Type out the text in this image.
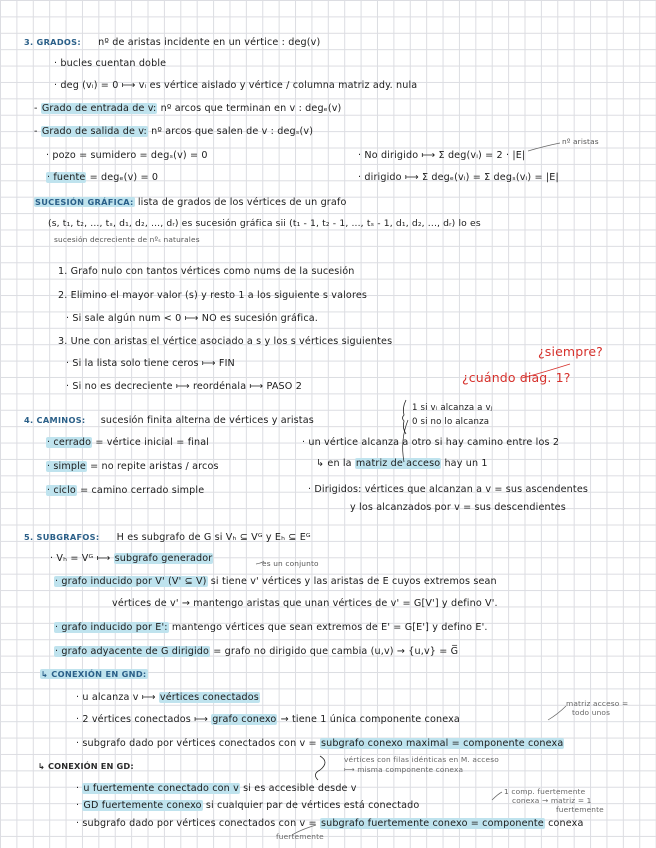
3. GRADOS: nº de aristas incidente en un vértice : deg(v)
· bucles cuentan doble
· deg (vᵢ) = 0 ⟼ vᵢ es vértice aislado y vértice / columna matriz ady. nula
- Grado de entrada de v: nº arcos que terminan en v : degₑ(v)
- Grado de salida de v: nº arcos que salen de v : degₛ(v)
nº aristas
· pozo = sumidero = degₛ(v) = 0	· No dirigido ⟼ Σ deg(vᵢ) = 2 · |E|
· fuente = degₑ(v) = 0	· dirigido ⟼ Σ degₑ(vᵢ) = Σ degₛ(vᵢ) = |E|
SUCESIÓN GRÁFICA: lista de grados de los vértices de un grafo
(s, t₁, t₂, ..., tₛ, d₁, d₂, ..., dᵣ) es sucesión gráfica sii (t₁ - 1, t₂ - 1, ..., tₛ - 1, d₁, d₂, ..., dᵣ) lo es
sucesión decreciente de nºₛ naturales
1. Grafo nulo con tantos vértices como nums de la sucesión
2. Elimino el mayor valor (s) y resto 1 a los siguiente s valores
· Si sale algún num < 0 ⟼ NO es sucesión gráfica.
3. Une con aristas el vértice asociado a s y los s vértices siguientes
· Si la lista solo tiene ceros ⟼ FIN
· Si no es decreciente ⟼ reordénala ⟼ PASO 2
¿siempre?
¿cuándo diag. 1?
1 si vᵢ alcanza a vⱼ
0 si no lo alcanza
4. CAMINOS: sucesión finita alterna de vértices y aristas
· cerrado = vértice inicial = final	· un vértice alcanza a otro si hay camino entre los 2
· simple = no repite aristas / arcos	↳ en la matriz de acceso hay un 1
· ciclo = camino cerrado simple	· Dirigidos: vértices que alcanzan a v = sus ascendentes
y los alcanzados por v = sus descendientes
5. SUBGRAFOS: H es subgrafo de G si Vₕ ⊆ Vᴳ y Eₕ ⊆ Eᴳ
· Vₕ = Vᴳ ⟼ subgrafo generador	es un conjunto
· grafo inducido por V' (V' ⊆ V) si tiene v' vértices y las aristas de E cuyos extremos sean
vértices de v' → mantengo aristas que unan vértices de v' = G[V'] y defino V'.
· grafo inducido por E': mantengo vértices que sean extremos de E' = G[E'] y defino E'.
· grafo adyacente de G dirigido = grafo no dirigido que cambia (u,v) → {u,v} = G̅
↳ CONEXIÓN EN GND:
· u alcanza v ⟼ vértices conectados
matriz acceso =
todo unos
· 2 vértices conectados ⟼ grafo conexo → tiene 1 única componente conexa
· subgrafo dado por vértices conectados con v = subgrafo conexo maximal = componente conexa
↳ CONEXIÓN EN GD:
vértices con filas idénticas en M. acceso
⟼ misma componente conexa
· u fuertemente conectado con v si es accesible desde v	1 comp. fuertemente
conexa → matriz = 1
· GD fuertemente conexo si cualquier par de vértices está conectado	fuertemente
· subgrafo dado por vértices conectados con v = subgrafo fuertemente conexo = componente conexa
fuertemente
